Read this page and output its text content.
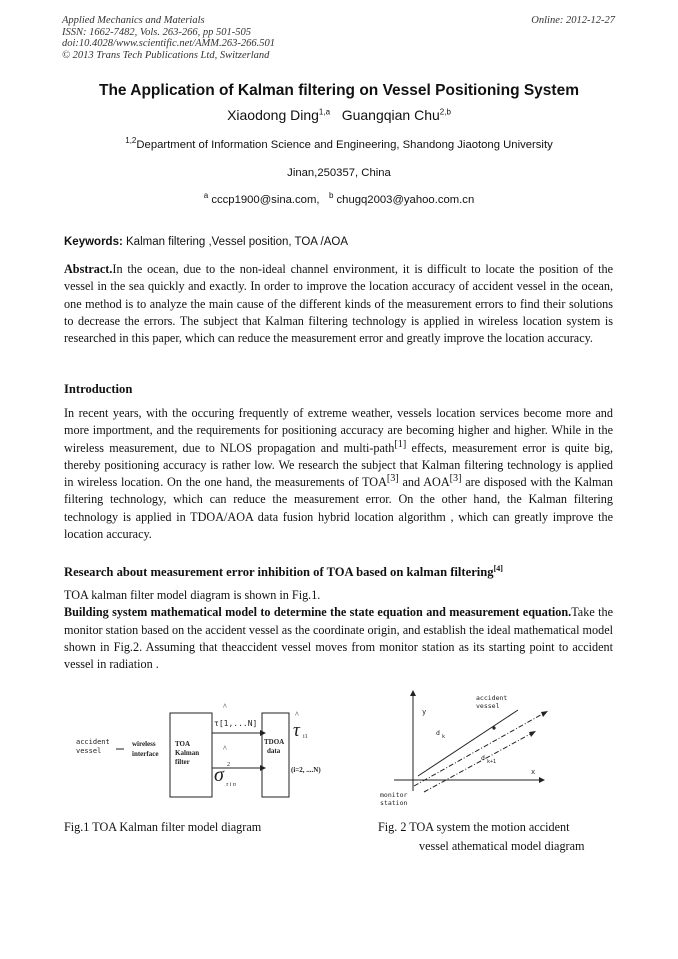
Applied Mechanics and Materials
ISSN: 1662-7482, Vols. 263-266, pp 501-505
doi:10.4028/www.scientific.net/AMM.263-266.501
© 2013 Trans Tech Publications Ltd, Switzerland
Online: 2012-12-27
The Application of Kalman filtering on Vessel Positioning System
Xiaodong Ding$^{1,a}$ Guangqian Chu$^{2,b}$
$^{1,2}$Department of Information Science and Engineering, Shandong Jiaotong University
Jinan,250357, China
$^a$ cccp1900@sina.com, $^b$ chugq2003@yahoo.com.cn
Keywords: Kalman filtering ,Vessel position, TOA /AOA
Abstract.In the ocean, due to the non-ideal channel environment, it is difficult to locate the position of the vessel in the sea quickly and exactly. In order to improve the location accuracy of accident vessel in the ocean, one method is to analyze the main cause of the different kinds of the measurement errors to find their solutions to decrease the errors. The subject that Kalman filtering technology is applied in wireless location system is researched in this paper, which can reduce the measurement error and greatly improve the location accuracy.
Introduction
In recent years, with the occuring frequently of extreme weather, vessels location services become more and more importment, and the requirements for positioning accuracy are becoming higher and higher. While in the wireless measurement, due to NLOS propagation and multi-path[1] effects, measurement error is quite big, thereby positioning accuracy is rather low. We research the subject that Kalman filtering technology is applied in wireless location. On the one hand, the measurements of TOA[3] and AOA[3] are disposed with the Kalman filtering technology, which can reduce the measurement error. On the other hand, the Kalman filtering technology is applied in TDOA/AOA data fusion hybrid location algorithm , which can greatly improve the location accuracy.
Research about measurement error inhibition of TOA based on kalman filtering[4]
TOA kalman filter model diagram is shown in Fig.1.
Building system mathematical model to determine the state equation and measurement equation.Take the monitor station based on the accident vessel as the coordinate origin, and establish the ideal mathematical model shown in Fig.2. Assuming that theaccident vessel moves from monitor station as its starting point to accident vessel in radiation .
accident
vessel
wireless
interface
TOA
Kalman
filter
^
τ[1,...N]
^
σ 2
τ i n
TDOA
data
^
τ i1
(i=2, ....N)
Fig.1 TOA Kalman filter model diagram
y
x
accident
vessel
d k
d k+1
monitor
station
Fig. 2 TOA system the motion accident
vessel athematical model diagram
